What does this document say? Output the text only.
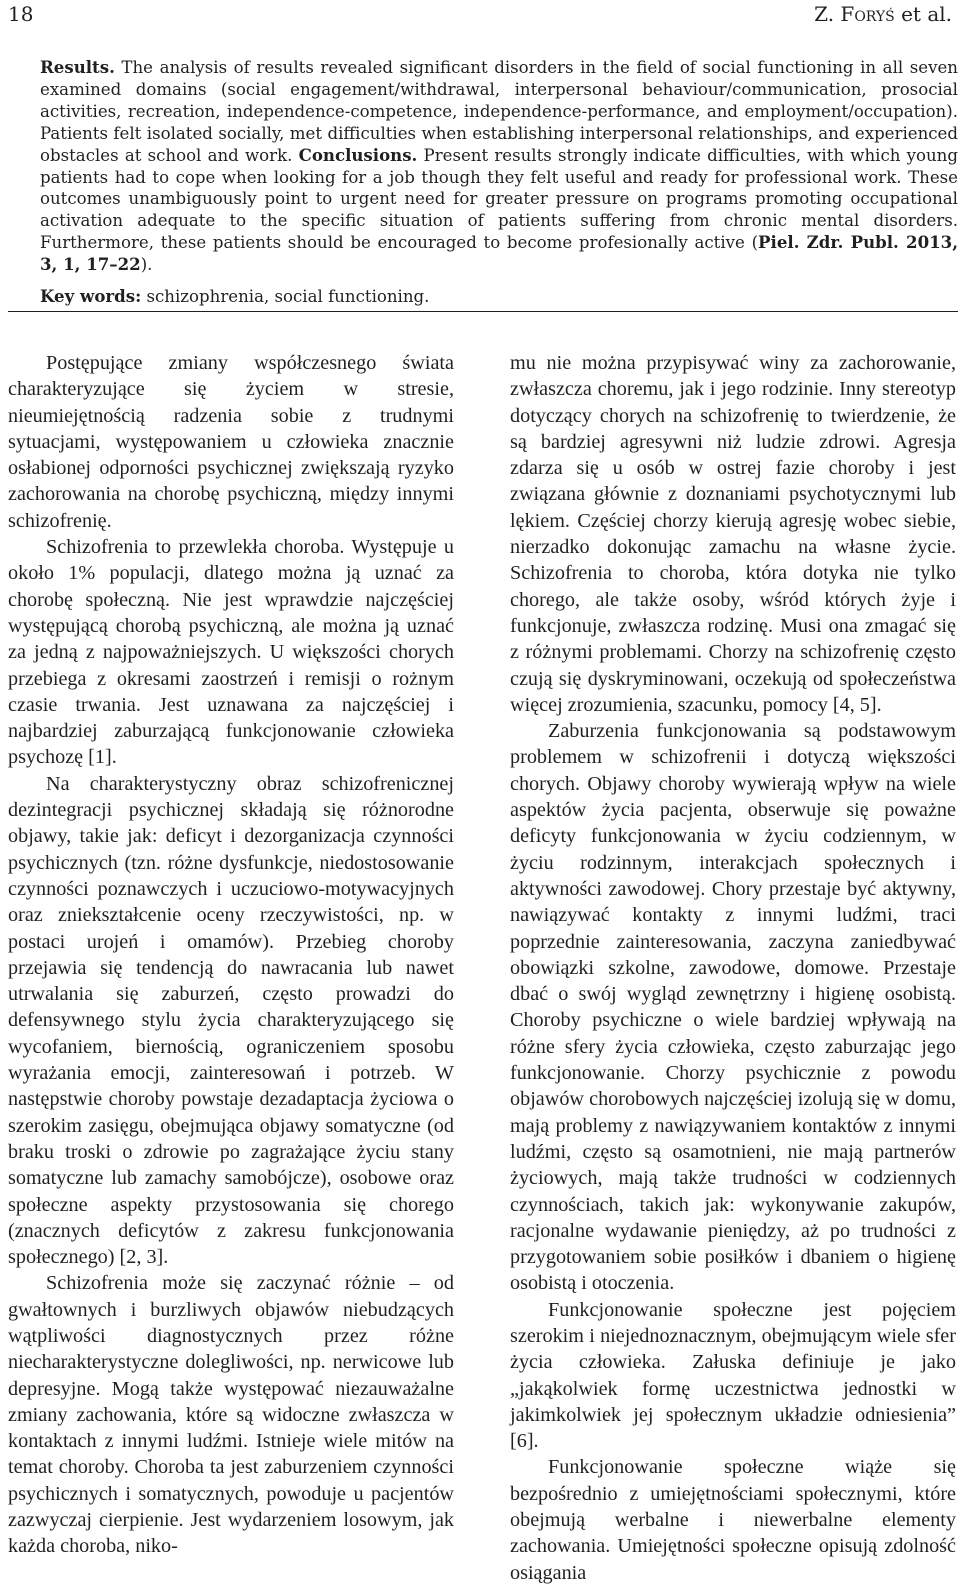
18	Z. Foryś et al.

Results. The analysis of results revealed significant disorders in the field of social functioning in all seven examined domains (social engagement/withdrawal, interpersonal behaviour/communication, prosocial activities, recreation, independence-competence, independence-performance, and employment/occupation). Patients felt isolated socially, met difficulties when establishing interpersonal relationships, and experienced obstacles at school and work. Conclusions. Present results strongly indicate difficulties, with which young patients had to cope when looking for a job though they felt useful and ready for professional work. These outcomes unambiguously point to urgent need for greater pressure on programs promoting occupational activation adequate to the specific situation of patients suffering from chronic mental disorders. Furthermore, these patients should be encouraged to become profesionally active (Piel. Zdr. Publ. 2013, 3, 1, 17–22).

Key words: schizophrenia, social functioning.

Postępujące zmiany współczesnego świata charakteryzujące się życiem w stresie, nieumiejętnością radzenia sobie z trudnymi sytuacjami, występowaniem u człowieka znacznie osłabionej odporności psychicznej zwiększają ryzyko zachorowania na chorobę psychiczną, między innymi schizofrenię.

Schizofrenia to przewlekła choroba. Występuje u około 1% populacji, dlatego można ją uznać za chorobę społeczną. Nie jest wprawdzie najczęściej występującą chorobą psychiczną, ale można ją uznać za jedną z najpoważniejszych. U większości chorych przebiega z okresami zaostrzeń i remisji o rożnym czasie trwania. Jest uznawana za najczęściej i najbardziej zaburzającą funkcjonowanie człowieka psychozę [1].

Na charakterystyczny obraz schizofrenicznej dezintegracji psychicznej składają się różnorodne objawy, takie jak: deficyt i dezorganizacja czynności psychicznych (tzn. różne dysfunkcje, niedostosowanie czynności poznawczych i uczuciowo-motywacyjnych oraz zniekształcenie oceny rzeczywistości, np. w postaci urojeń i omamów). Przebieg choroby przejawia się tendencją do nawracania lub nawet utrwalania się zaburzeń, często prowadzi do defensywnego stylu życia charakteryzującego się wycofaniem, biernością, ograniczeniem sposobu wyrażania emocji, zainteresowań i potrzeb. W następstwie choroby powstaje dezadaptacja życiowa o szerokim zasięgu, obejmująca objawy somatyczne (od braku troski o zdrowie po zagrażające życiu stany somatyczne lub zamachy samobójcze), osobowe oraz społeczne aspekty przystosowania się chorego (znacznych deficytów z zakresu funkcjonowania społecznego) [2, 3].

Schizofrenia może się zaczynać różnie – od gwałtownych i burzliwych objawów niebudzących wątpliwości diagnostycznych przez różne niecharakterystyczne dolegliwości, np. nerwicowe lub depresyjne. Mogą także występować niezauważalne zmiany zachowania, które są widoczne zwłaszcza w kontaktach z innymi ludźmi. Istnieje wiele mitów na temat choroby. Choroba ta jest zaburzeniem czynności psychicznych i somatycznych, powoduje u pacjentów zazwyczaj cierpienie. Jest wydarzeniem losowym, jak każda choroba, niko-

mu nie można przypisywać winy za zachorowanie, zwłaszcza choremu, jak i jego rodzinie. Inny stereotyp dotyczący chorych na schizofrenię to twierdzenie, że są bardziej agresywni niż ludzie zdrowi. Agresja zdarza się u osób w ostrej fazie choroby i jest związana głównie z doznaniami psychotycznymi lub lękiem. Częściej chorzy kierują agresję wobec siebie, nierzadko dokonując zamachu na własne życie. Schizofrenia to choroba, która dotyka nie tylko chorego, ale także osoby, wśród których żyje i funkcjonuje, zwłaszcza rodzinę. Musi ona zmagać się z różnymi problemami. Chorzy na schizofrenię często czują się dyskryminowani, oczekują od społeczeństwa więcej zrozumienia, szacunku, pomocy [4, 5].

Zaburzenia funkcjonowania są podstawowym problemem w schizofrenii i dotyczą większości chorych. Objawy choroby wywierają wpływ na wiele aspektów życia pacjenta, obserwuje się poważne deficyty funkcjonowania w życiu codziennym, w życiu rodzinnym, interakcjach społecznych i aktywności zawodowej. Chory przestaje być aktywny, nawiązywać kontakty z innymi ludźmi, traci poprzednie zainteresowania, zaczyna zaniedbywać obowiązki szkolne, zawodowe, domowe. Przestaje dbać o swój wygląd zewnętrzny i higienę osobistą. Choroby psychiczne o wiele bardziej wpływają na różne sfery życia człowieka, często zaburzając jego funkcjonowanie. Chorzy psychicznie z powodu objawów chorobowych najczęściej izolują się w domu, mają problemy z nawiązywaniem kontaktów z innymi ludźmi, często są osamotnieni, nie mają partnerów życiowych, mają także trudności w codziennych czynnościach, takich jak: wykonywanie zakupów, racjonalne wydawanie pieniędzy, aż po trudności z przygotowaniem sobie posiłków i dbaniem o higienę osobistą i otoczenia.

Funkcjonowanie społeczne jest pojęciem szerokim i niejednoznacznym, obejmującym wiele sfer życia człowieka. Załuska definiuje je jako „jakąkolwiek formę uczestnictwa jednostki w jakimkolwiek jej społecznym układzie odniesienia” [6].

Funkcjonowanie społeczne wiąże się bezpośrednio z umiejętnościami społecznymi, które obejmują werbalne i niewerbalne elementy zachowania. Umiejętności społeczne opisują zdolność osiągania
